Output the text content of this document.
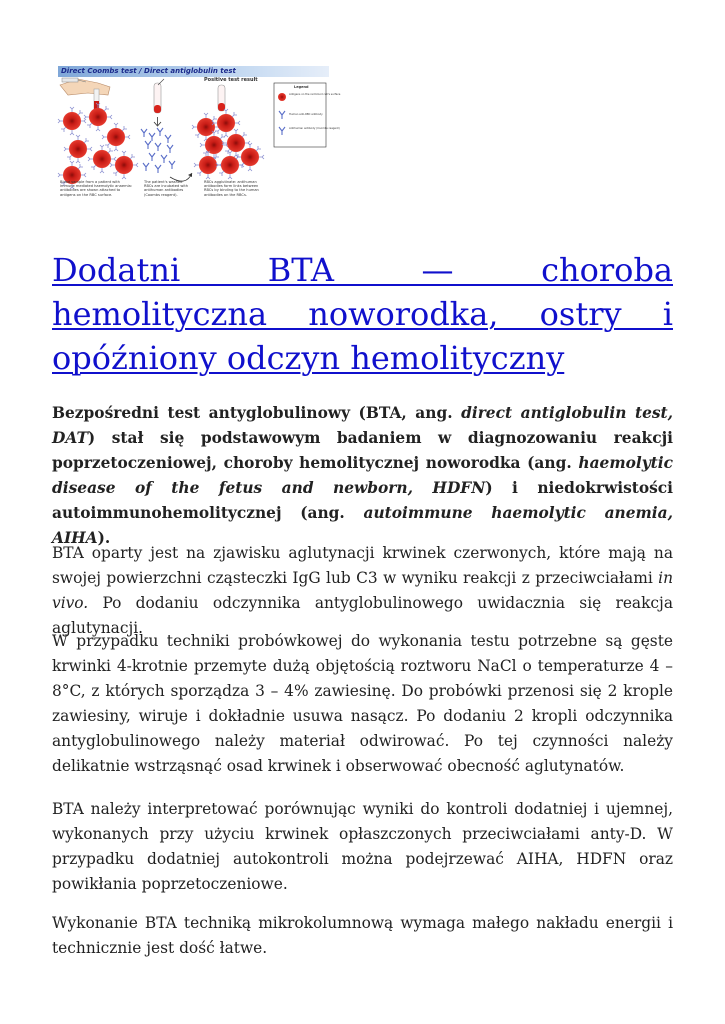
Direct Coombs test / Direct antiglobulin test
Positive test result
Legend
Antigens on the red blood cell's surface
Human anti-RBC antibody
Antihuman antibody (Coombs reagent)
Blood sample from a patient with
immune mediated haemolytic anaemia:
antibodies are shown attached to
antigens on the RBC surface.
The patient's washed
RBCs are incubated with
antihuman antibodies
(Coombs reagent).
RBCs agglutinate: antihuman
antibodies form links between
RBCs by binding to the human
antibodies on the RBCs.
Dodatni BTA — choroba
hemolityczna noworodka, ostry i
opóźniony odczyn hemolityczny

Bezpośredni test antyglobulinowy (BTA, ang. direct antiglobulin test, DAT) stał się podstawowym badaniem w diagnozowaniu reakcji poprzetoczeniowej, choroby hemolitycznej noworodka (ang. haemolytic disease of the fetus and newborn, HDFN) i niedokrwistości autoimmunohemolitycznej (ang. autoimmune haemolytic anemia, AIHA).

BTA oparty jest na zjawisku aglutynacji krwinek czerwonych, które mają na swojej powierzchni cząsteczki IgG lub C3 w wyniku reakcji z przeciwciałami in vivo. Po dodaniu odczynnika antyglobulinowego uwidacznia się reakcja aglutynacji.

W przypadku techniki probówkowej do wykonania testu potrzebne są gęste krwinki 4-krotnie przemyte dużą objętością roztworu NaCl o temperaturze 4 – 8°C, z których sporządza 3 – 4% zawiesinę. Do probówki przenosi się 2 krople zawiesiny, wiruje i dokładnie usuwa nasącz. Po dodaniu 2 kropli odczynnika antyglobulinowego należy materiał odwirować. Po tej czynności należy delikatnie wstrząsnąć osad krwinek i obserwować obecność aglutynatów.

BTA należy interpretować porównując wyniki do kontroli dodatniej i ujemnej, wykonanych przy użyciu krwinek opłaszczonych przeciwciałami anty-D. W przypadku dodatniej autokontroli można podejrzewać AIHA, HDFN oraz powikłania poprzetoczeniowe.

Wykonanie BTA techniką mikrokolumnową wymaga małego nakładu energii i technicznie jest dość łatwe.
